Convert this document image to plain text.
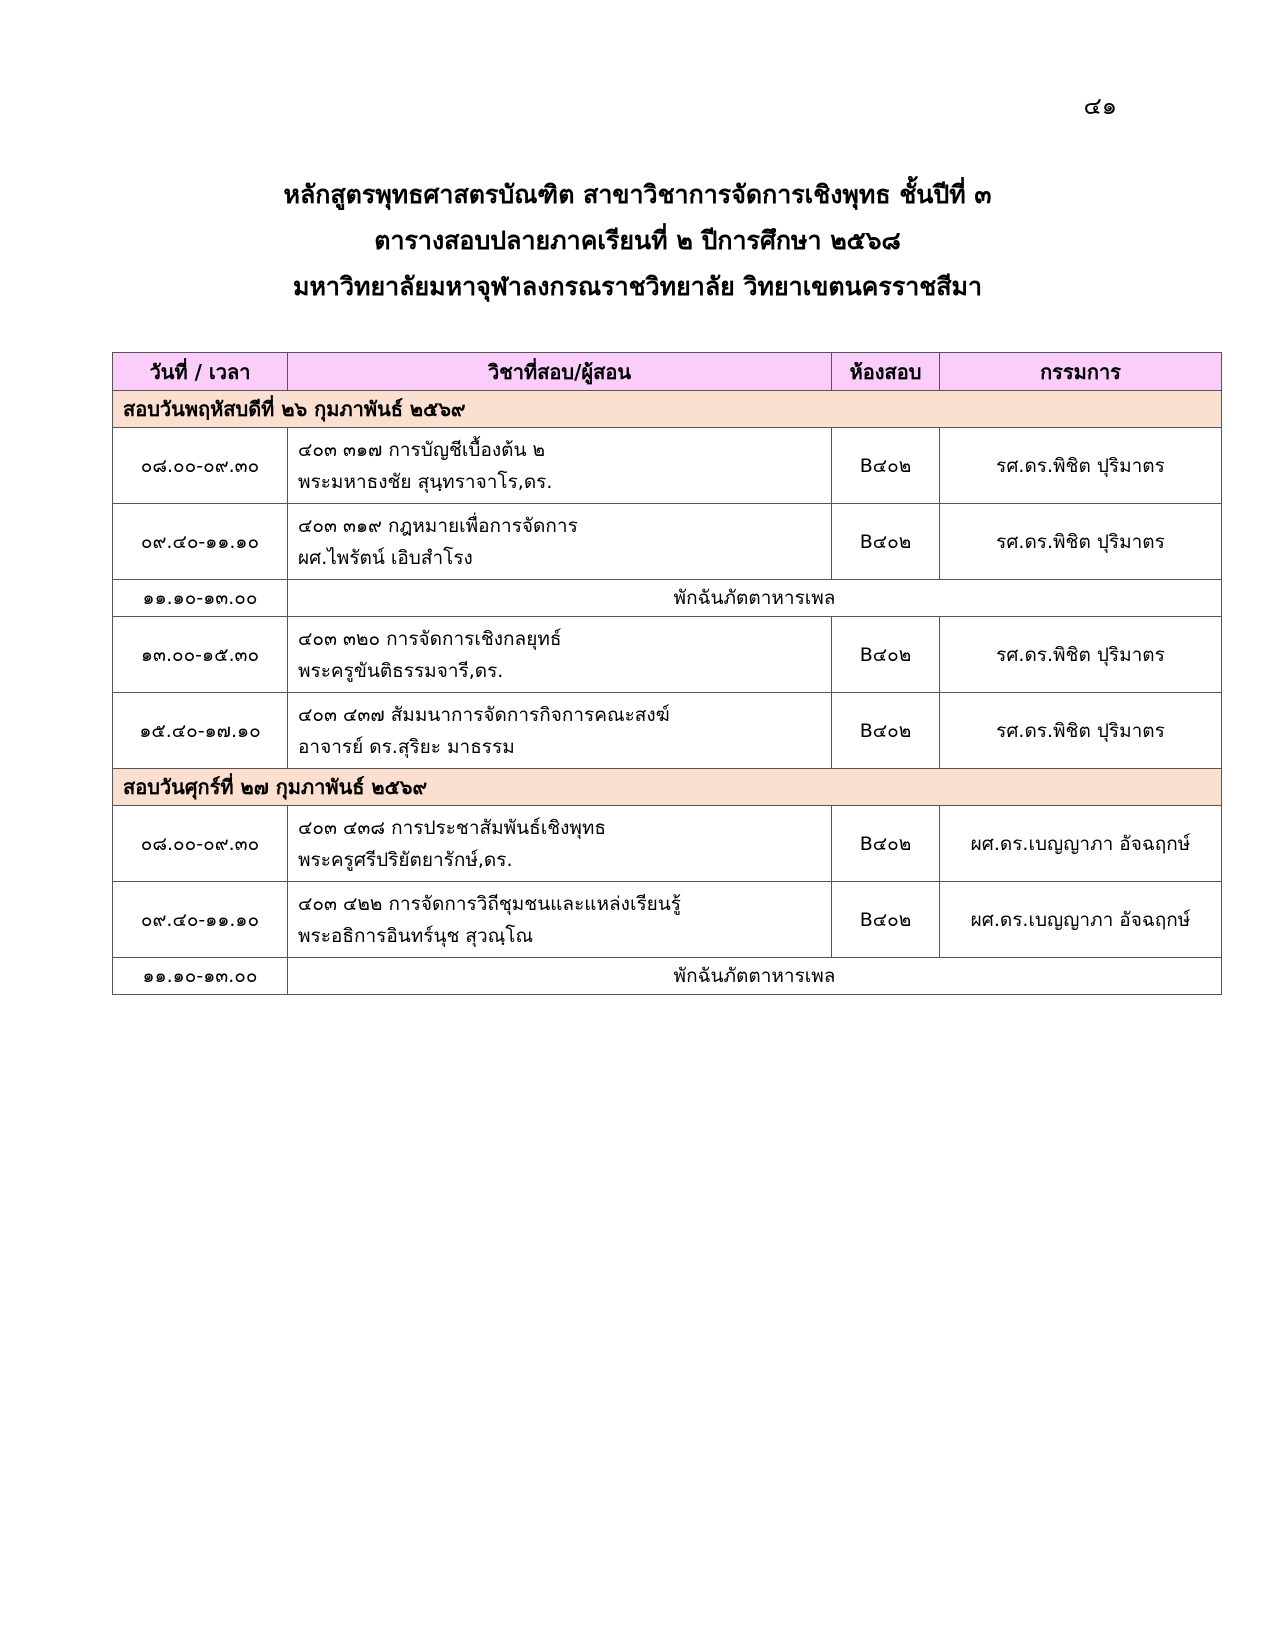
๔๑
หลักสูตรพุทธศาสตรบัณฑิต สาขาวิชาการจัดการเชิงพุทธ ชั้นปีที่ ๓
ตารางสอบปลายภาคเรียนที่ ๒ ปีการศึกษา ๒๕๖๘
มหาวิทยาลัยมหาจุฬาลงกรณราชวิทยาลัย วิทยาเขตนครราชสีมา
วันที่ / เวลา	วิชาที่สอบ/ผู้สอน	ห้องสอบ	กรรมการ
สอบวันพฤหัสบดีที่ ๒๖ กุมภาพันธ์ ๒๕๖๙			
๐๘.๐๐-๐๙.๓๐	๔๐๓ ๓๑๗ การบัญชีเบื้องต้น ๒
พระมหาธงชัย สุนฺทราจาโร,ดร.	B๔๐๒	รศ.ดร.พิชิต ปุริมาตร
๐๙.๔๐-๑๑.๑๐	๔๐๓ ๓๑๙ กฎหมายเพื่อการจัดการ
ผศ.ไพรัตน์ เอิบสำโรง	B๔๐๒	รศ.ดร.พิชิต ปุริมาตร
๑๑.๑๐-๑๓.๐๐	พักฉันภัตตาหารเพล		
๑๓.๐๐-๑๕.๓๐	๔๐๓ ๓๒๐ การจัดการเชิงกลยุทธ์
พระครูขันติธรรมจารี,ดร.	B๔๐๒	รศ.ดร.พิชิต ปุริมาตร
๑๕.๔๐-๑๗.๑๐	๔๐๓ ๔๓๗ สัมมนาการจัดการกิจการคณะสงฆ์
อาจารย์ ดร.สุริยะ มาธรรม	B๔๐๒	รศ.ดร.พิชิต ปุริมาตร
สอบวันศุกร์ที่ ๒๗ กุมภาพันธ์ ๒๕๖๙			
๐๘.๐๐-๐๙.๓๐	๔๐๓ ๔๓๘ การประชาสัมพันธ์เชิงพุทธ
พระครูศรีปริยัตยารักษ์,ดร.	B๔๐๒	ผศ.ดร.เบญญาภา อัจฉฤกษ์
๐๙.๔๐-๑๑.๑๐	๔๐๓ ๔๒๒ การจัดการวิถีชุมชนและแหล่งเรียนรู้
พระอธิการอินทร์นุช สุวณฺโณ	B๔๐๒	ผศ.ดร.เบญญาภา อัจฉฤกษ์
๑๑.๑๐-๑๓.๐๐	พักฉันภัตตาหารเพล		
